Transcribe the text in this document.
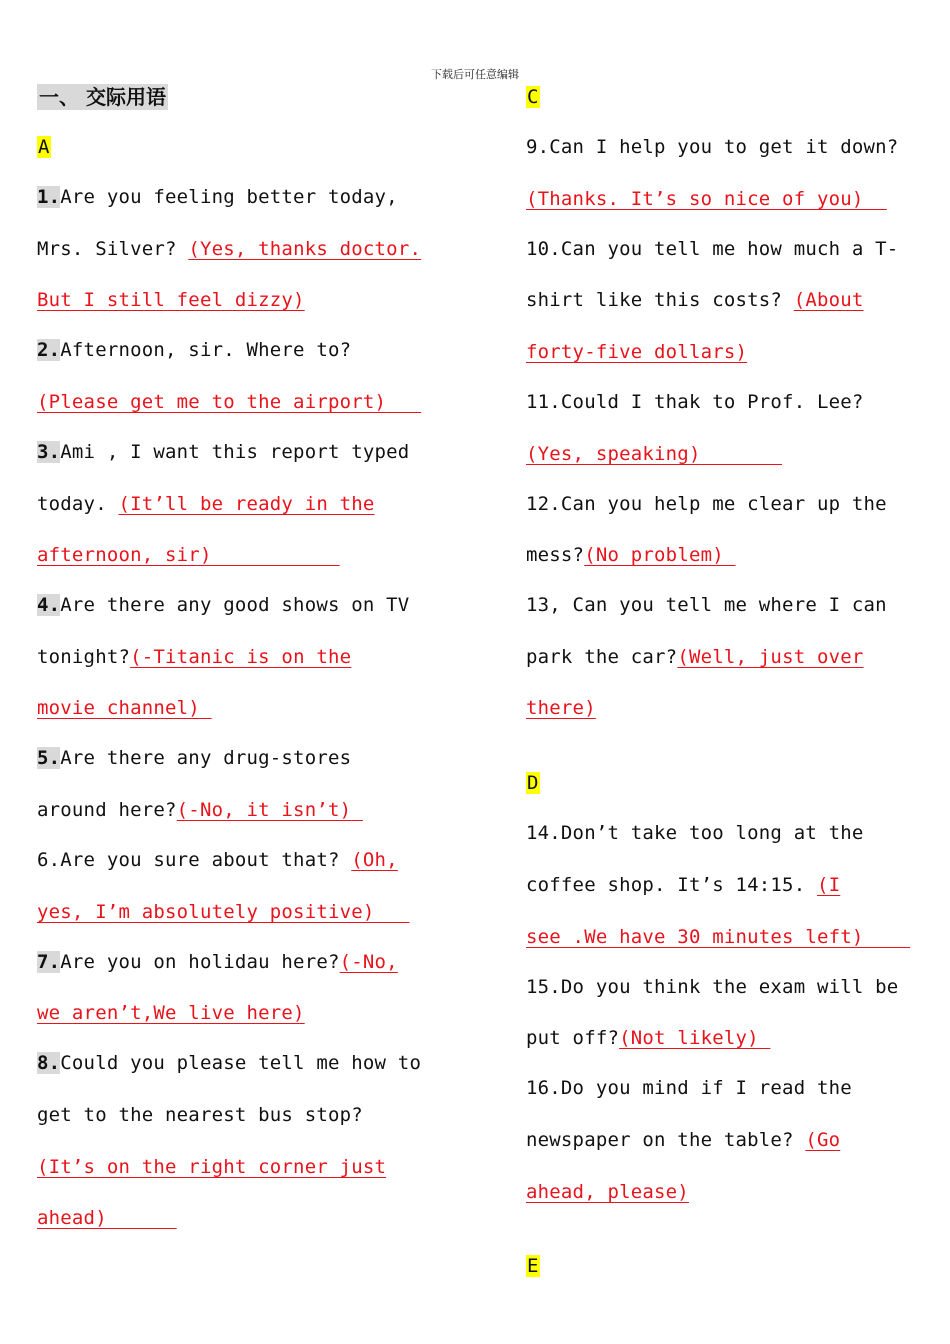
下载后可任意编辑
一、 交际用语
A
1.Are you feeling better today,
Mrs. Silver? (Yes, thanks doctor.
But I still feel dizzy)
2.Afternoon, sir. Where to?
(Please get me to the airport)
3.Ami , I want this report typed
today. (It’ll be ready in the
afternoon, sir)
4.Are there any good shows on TV
tonight?(-Titanic is on the
movie channel)
5.Are there any drug-stores
around here?(-No, it isn’t)
6.Are you sure about that? (Oh,
yes, I’m absolutely positive)
7.Are you on holidau here?(-No,
we aren’t,We live here)
8.Could you please tell me how to
get to the nearest bus stop?
(It’s on the right corner just
ahead)
C
9.Can I help you to get it down?
(Thanks. It’s so nice of you)
10.Can you tell me how much a T-
shirt like this costs? (About
forty-five dollars)
11.Could I thak to Prof. Lee?
(Yes, speaking)
12.Can you help me clear up the
mess?(No problem)
13, Can you tell me where I can
park the car?(Well, just over
there)
D
14.Don’t take too long at the
coffee shop. It’s 14:15. (I
see .We have 30 minutes left)
15.Do you think the exam will be
put off?(Not likely)
16.Do you mind if I read the
newspaper on the table? (Go
ahead, please)
E
